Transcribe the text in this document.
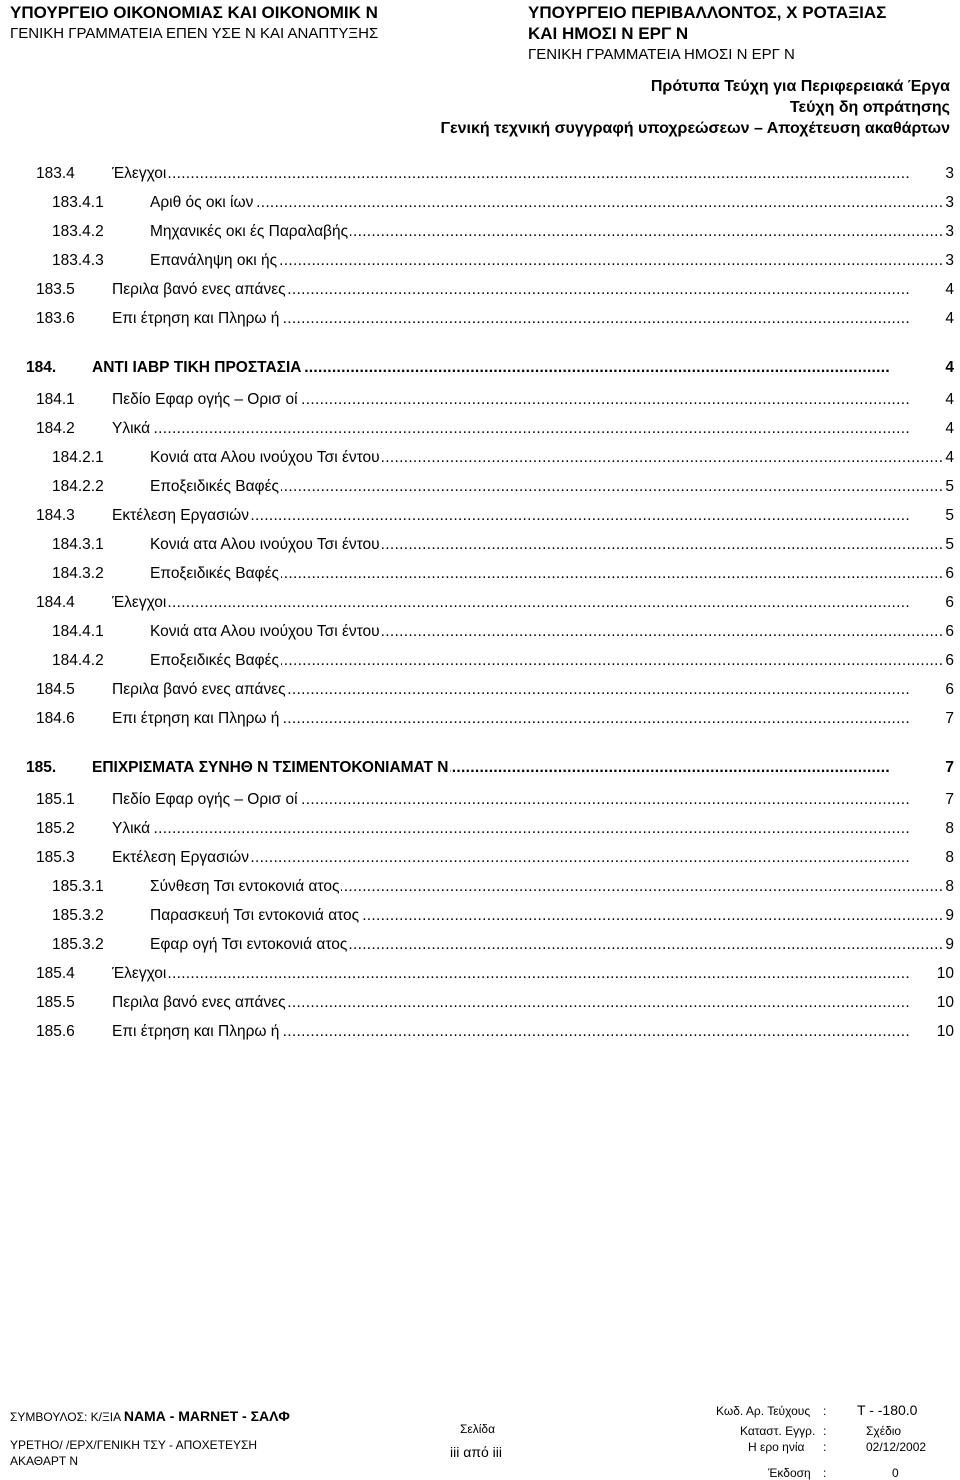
ΥΠΟΥΡΓΕΙΟ ΟΙΚΟΝΟΜΙΑΣ ΚΑΙ ΟΙΚΟΝΟΜΙΚ Ν
ΓΕΝΙΚΗ ΓΡΑΜΜΑΤΕΙΑ ΕΠΕΝ ΥΣΕ Ν ΚΑΙ ΑΝΑΠΤΥΞΗΣ
ΥΠΟΥΡΓΕΙΟ ΠΕΡΙΒΑΛΛΟΝΤΟΣ, Χ ΡΟΤΑΞΙΑΣ
ΚΑΙ ΗΜΟΣΙ Ν ΕΡΓ Ν
ΓΕΝΙΚΗ ΓΡΑΜΜΑΤΕΙΑ ΗΜΟΣΙ Ν ΕΡΓ Ν
Πρότυπα Τεύχη για Περιφερειακά Έργα
Τεύχη δη οπράτησης
Γενική τεχνική συγγραφή υποχρεώσεων – Αποχέτευση ακαθάρτων
. . .
183.4 Έλεγχοι	3
. . .
183.4.1	Αριθ ός οκι ίων	3
. . .
183.4.2	Μηχανικές οκι ές Παραλαβής	3
. . .
183.4.3	Επανάληψη οκι ής	3
. . .
183.5 Περιλα βανό ενες απάνες	4
. . .
183.6 Επι έτρηση και Πληρω ή	4
. . .
184. ΑΝΤΙ ΙΑΒΡ ΤΙΚΗ ΠΡΟΣΤΑΣΙΑ	4
. . .
184.1 Πεδίο Εφαρ ογής – Ορισ οί	4
. . .
184.2 Υλικά	4
. . .
184.2.1	Κονιά ατα Αλου ινούχου Τσι έντου	4
. . .
184.2.2	Εποξειδικές Βαφές	5
. . .
184.3 Εκτέλεση Εργασιών	5
. . .
184.3.1	Κονιά ατα Αλου ινούχου Τσι έντου	5
. . .
184.3.2	Εποξειδικές Βαφές	6
. . .
184.4 Έλεγχοι	6
. . .
184.4.1	Κονιά ατα Αλου ινούχου Τσι έντου	6
. . .
184.4.2	Εποξειδικές Βαφές	6
. . .
184.5 Περιλα βανό ενες απάνες	6
. . .
184.6 Επι έτρηση και Πληρω ή	7
. . .
185. ΕΠΙΧΡΙΣΜΑΤΑ ΣΥΝΗΘ Ν ΤΣΙΜΕΝΤΟΚΟΝΙΑΜΑΤ Ν	7
. . .
185.1 Πεδίο Εφαρ ογής – Ορισ οί	7
. . .
185.2 Υλικά	8
. . .
185.3 Εκτέλεση Εργασιών	8
. . .
185.3.1	Σύνθεση Τσι εντοκονιά ατος	8
. . .
185.3.2	Παρασκευή Τσι εντοκονιά ατος	9
. . .
185.3.2	Εφαρ ογή Τσι εντοκονιά ατος	9
. . .
185.4 Έλεγχοι	10
. . .
185.5 Περιλα βανό ενες απάνες	10
. . .
185.6 Επι έτρηση και Πληρω ή	10
ΣΥΜΒΟΥΛΟΣ: Κ/ΞΙΑ ΝΑΜΑ - MARNET - ΣΑΛΦ
ΥΡΕΤΗΟ/ /ΕΡΧ/ΓΕΝΙΚΗ ΤΣΥ - ΑΠΟΧΕΤΕΥΣΗ
ΑΚΑΘΑΡΤ Ν
Σελίδα
iii από iii
Κωδ. Αρ. Τεύχους : Τ - -180.0
Καταστ. Εγγρ. :	Σχέδιο
Η ερο ηνία :	02/12/2002
Έκδοση :	0
